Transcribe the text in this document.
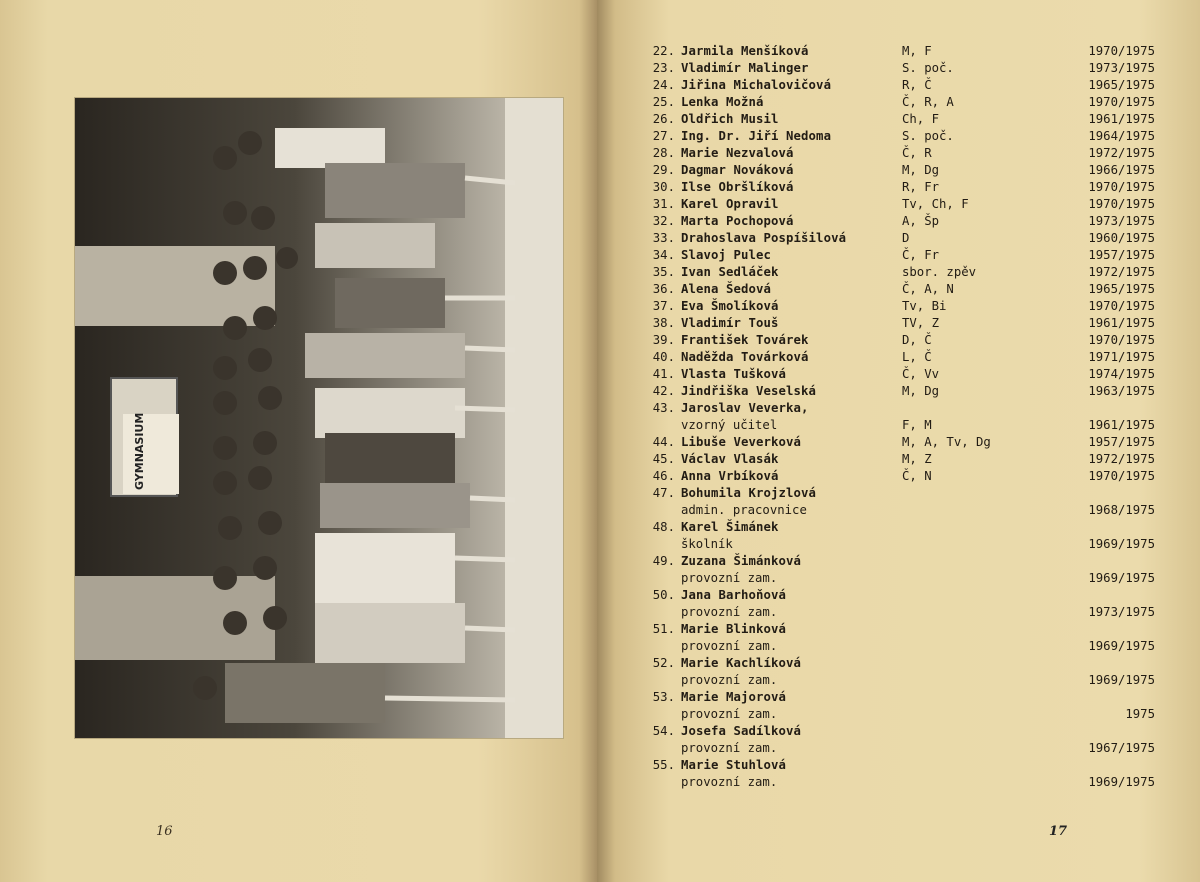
GYMNASIUM
16
22. Jarmila Menšíková	M, F	1970/1975
23. Vladimír Malinger	S. poč.	1973/1975
24. Jiřina Michalovičová	R, Č	1965/1975
25. Lenka Možná	Č, R, A	1970/1975
26. Oldřich Musil	Ch, F	1961/1975
27. Ing. Dr. Jiří Nedoma	S. poč.	1964/1975
28. Marie Nezvalová	Č, R	1972/1975
29. Dagmar Nováková	M, Dg	1966/1975
30. Ilse Obršlíková	R, Fr	1970/1975
31. Karel Opravil	Tv, Ch, F	1970/1975
32. Marta Pochopová	A, Šp	1973/1975
33. Drahoslava Pospíšilová	D	1960/1975
34. Slavoj Pulec	Č, Fr	1957/1975
35. Ivan Sedláček	sbor. zpěv	1972/1975
36. Alena Šedová	Č, A, N	1965/1975
37. Eva Šmolíková	Tv, Bi	1970/1975
38. Vladimír Touš	TV, Z	1961/1975
39. František Továrek	D, Č	1970/1975
40. Naděžda Továrková	L, Č	1971/1975
41. Vlasta Tušková	Č, Vv	1974/1975
42. Jindřiška Veselská	M, Dg	1963/1975
43. Jaroslav Veverka,
vzorný učitel	F, M	1961/1975
44. Libuše Veverková	M, A, Tv, Dg	1957/1975
45. Václav Vlasák	M, Z	1972/1975
46. Anna Vrbíková	Č, N	1970/1975
47. Bohumila Krojzlová
admin. pracovnice	1968/1975
48. Karel Šimánek
školník	1969/1975
49. Zuzana Šimánková
provozní zam.	1969/1975
50. Jana Barhoňová
provozní zam.	1973/1975
51. Marie Blinková
provozní zam.	1969/1975
52. Marie Kachlíková
provozní zam.	1969/1975
53. Marie Majorová
provozní zam.	1975
54. Josefa Sadílková
provozní zam.	1967/1975
55. Marie Stuhlová
provozní zam.	1969/1975
17
